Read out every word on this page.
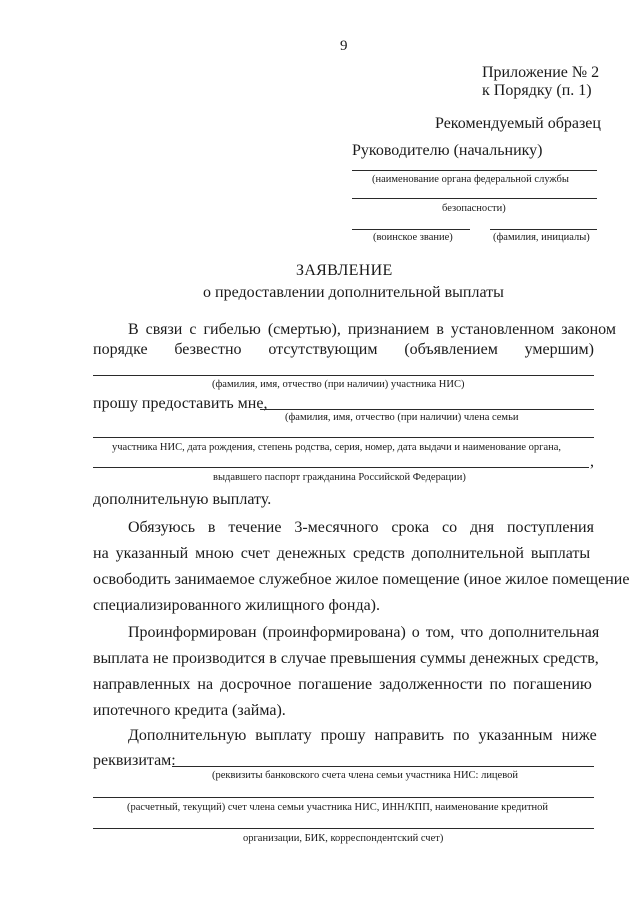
9
Приложение № 2
к Порядку (п. 1)
Рекомендуемый образец
Руководителю (начальнику)
(наименование органа федеральной службы
безопасности)
(воинское звание)	(фамилия, инициалы)
ЗАЯВЛЕНИЕ
о предоставлении дополнительной выплаты
В связи с гибелью (смертью), признанием в установленном законом
порядке безвестно отсутствующим (объявлением умершим)
(фамилия, имя, отчество (при наличии) участника НИС)
прошу предоставить мне,
(фамилия, имя, отчество (при наличии) члена семьи
участника НИС, дата рождения, степень родства, серия, номер, дата выдачи и наименование органа,
,
выдавшего паспорт гражданина Российской Федерации)
дополнительную выплату.
Обязуюсь в течение 3-месячного срока со дня поступления
на указанный мною счет денежных средств дополнительной выплаты
освободить занимаемое служебное жилое помещение (иное жилое помещение
специализированного жилищного фонда).
Проинформирован (проинформирована) о том, что дополнительная
выплата не производится в случае превышения суммы денежных средств,
направленных на досрочное погашение задолженности по погашению
ипотечного кредита (займа).
Дополнительную выплату прошу направить по указанным ниже
реквизитам:
(реквизиты банковского счета члена семьи участника НИС: лицевой
(расчетный, текущий) счет члена семьи участника НИС, ИНН/КПП, наименование кредитной
организации, БИК, корреспондентский счет)
